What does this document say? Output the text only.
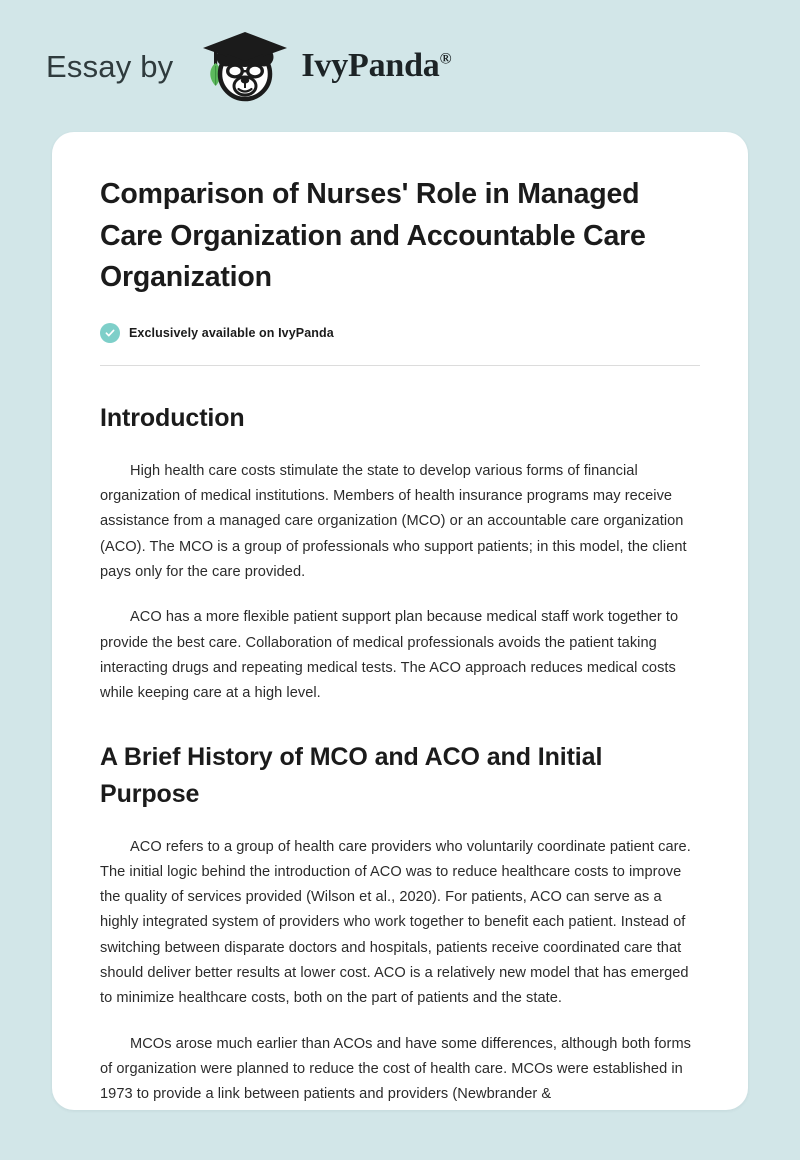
Essay by	IvyPanda®
Comparison of Nurses' Role in Managed Care Organization and Accountable Care Organization
Exclusively available on IvyPanda
Introduction

High health care costs stimulate the state to develop various forms of financial organization of medical institutions. Members of health insurance programs may receive assistance from a managed care organization (MCO) or an accountable care organization (ACO). The MCO is a group of professionals who support patients; in this model, the client pays only for the care provided.

ACO has a more flexible patient support plan because medical staff work together to provide the best care. Collaboration of medical professionals avoids the patient taking interacting drugs and repeating medical tests. The ACO approach reduces medical costs while keeping care at a high level.

A Brief History of MCO and ACO and Initial Purpose

ACO refers to a group of health care providers who voluntarily coordinate patient care. The initial logic behind the introduction of ACO was to reduce healthcare costs to improve the quality of services provided (Wilson et al., 2020). For patients, ACO can serve as a highly integrated system of providers who work together to benefit each patient. Instead of switching between disparate doctors and hospitals, patients receive coordinated care that should deliver better results at lower cost. ACO is a relatively new model that has emerged to minimize healthcare costs, both on the part of patients and the state.

MCOs arose much earlier than ACOs and have some differences, although both forms of organization were planned to reduce the cost of health care. MCOs were established in 1973 to provide a link between patients and providers (Newbrander &
